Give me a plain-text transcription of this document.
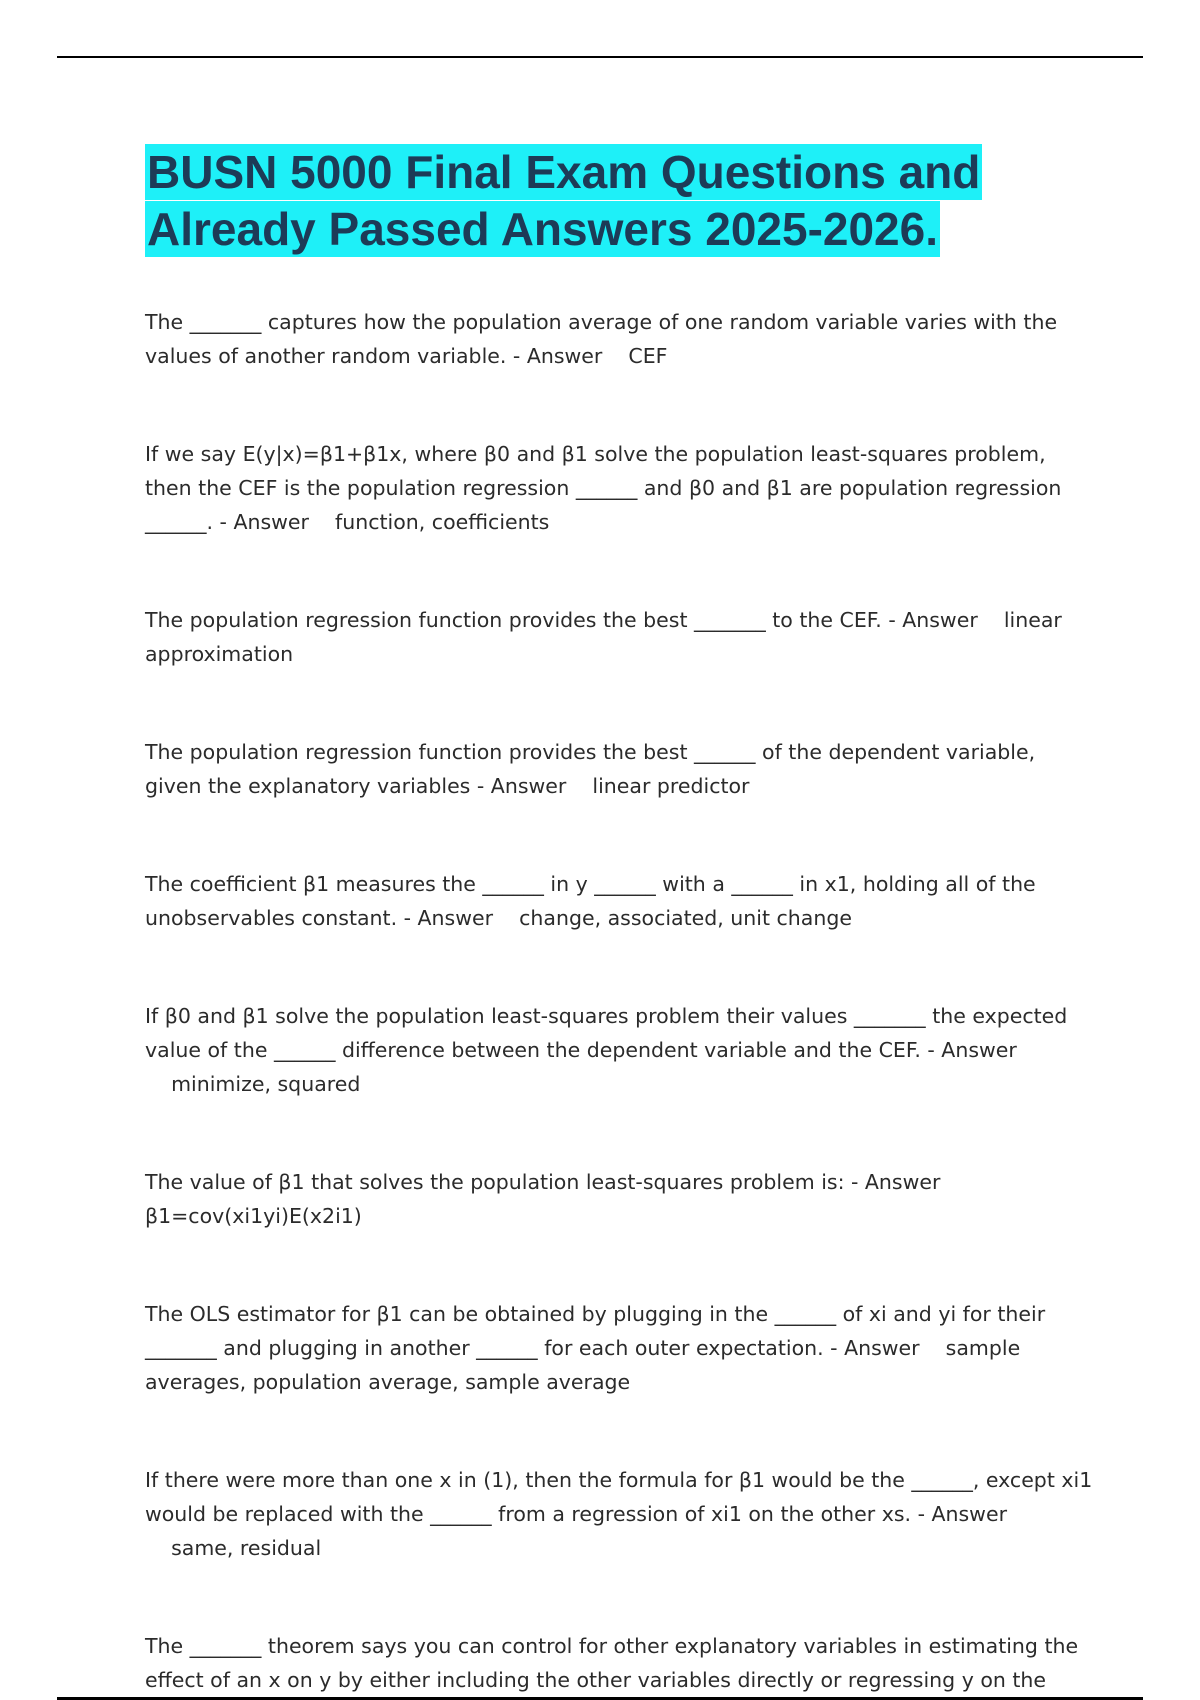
BUSN 5000 Final Exam Questions and Already Passed Answers 2025-2026.

The _______ captures how the population average of one random variable varies with the values of another random variable. - Answer CEF

If we say E(y|x)=β1+β1x, where β0 and β1 solve the population least-squares problem, then the CEF is the population regression ______ and β0 and β1 are population regression ______. - Answer function, coefficients

The population regression function provides the best _______ to the CEF. - Answer linear approximation

The population regression function provides the best ______ of the dependent variable, given the explanatory variables - Answer linear predictor

The coefficient β1 measures the ______ in y ______ with a ______ in x1, holding all of the unobservables constant. - Answer change, associated, unit change

If β0 and β1 solve the population least-squares problem their values _______ the expected value of the ______ difference between the dependent variable and the CEF. - Answer    minimize, squared

The value of β1 that solves the population least-squares problem is: - Answer
β1=cov(xi1yi)E(x2i1)

The OLS estimator for β1 can be obtained by plugging in the ______ of xi and yi for their _______ and plugging in another ______ for each outer expectation. - Answer sample averages, population average, sample average

If there were more than one x in (1), then the formula for β1 would be the ______, except xi1 would be replaced with the ______ from a regression of xi1 on the other xs. - Answer    same, residual

The _______ theorem says you can control for other explanatory variables in estimating the effect of an x on y by either including the other variables directly or regressing y on the
